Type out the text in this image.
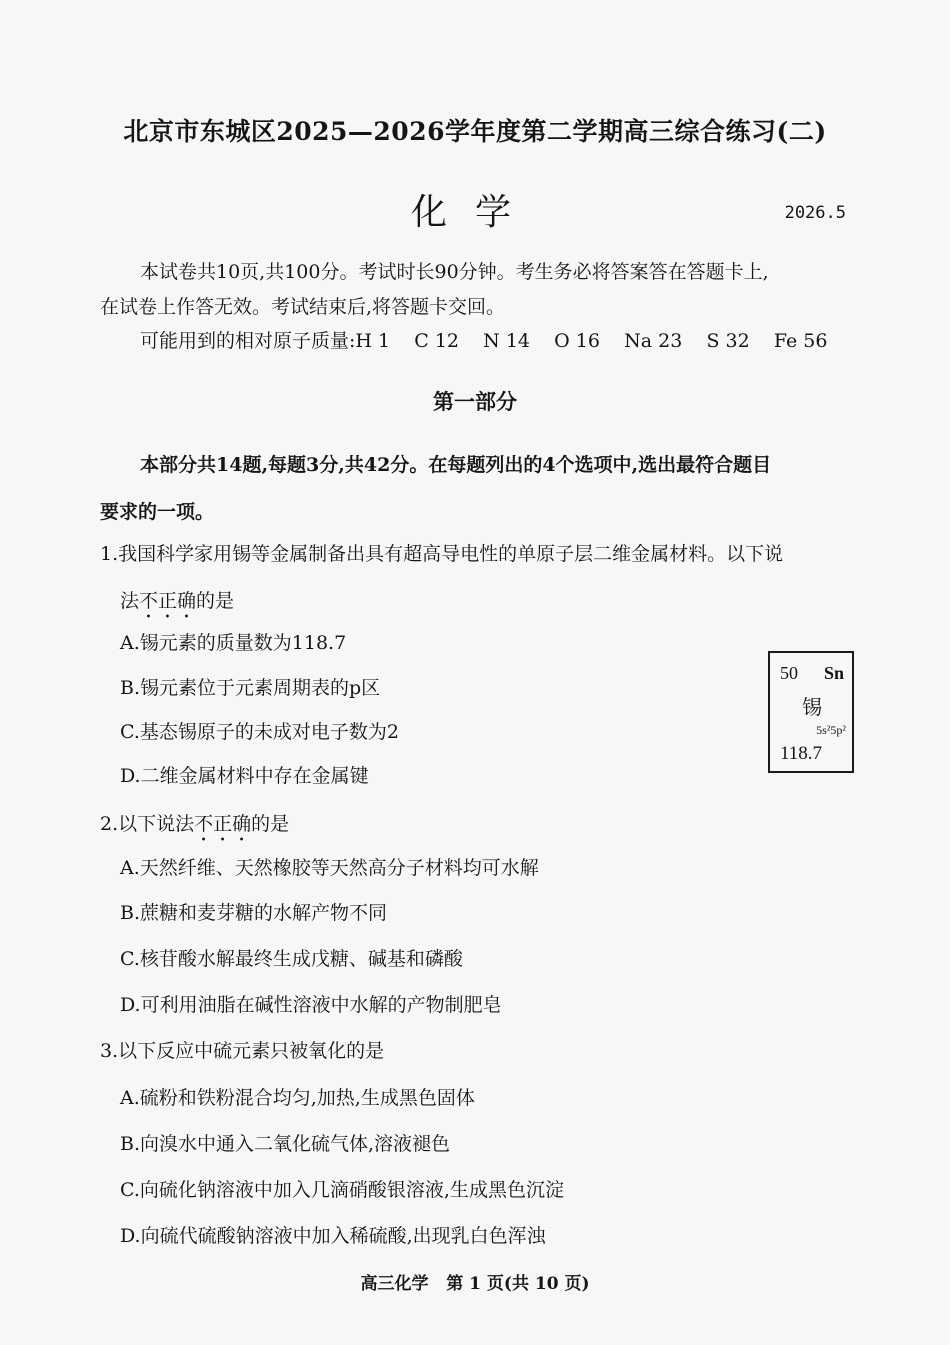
北京市东城区2025—2026学年度第二学期高三综合练习(二)
化学	2026.5
本试卷共10页,共100分。考试时长90分钟。考生务必将答案答在答题卡上,
在试卷上作答无效。考试结束后,将答题卡交回。
可能用到的相对原子质量:H 1    C 12    N 14    O 16    Na 23    S 32    Fe 56
第一部分
本部分共14题,每题3分,共42分。在每题列出的4个选项中,选出最符合题目
要求的一项。
1.我国科学家用锡等金属制备出具有超高导电性的单原子层二维金属材料。以下说
法不正确的是
A.锡元素的质量数为118.7
B.锡元素位于元素周期表的p区
C.基态锡原子的未成对电子数为2
D.二维金属材料中存在金属键
50 Sn
锡
5s²5p²
118.7
2.以下说法不正确的是
A.天然纤维、天然橡胶等天然高分子材料均可水解
B.蔗糖和麦芽糖的水解产物不同
C.核苷酸水解最终生成戊糖、碱基和磷酸
D.可利用油脂在碱性溶液中水解的产物制肥皂
3.以下反应中硫元素只被氧化的是
A.硫粉和铁粉混合均匀,加热,生成黑色固体
B.向溴水中通入二氧化硫气体,溶液褪色
C.向硫化钠溶液中加入几滴硝酸银溶液,生成黑色沉淀
D.向硫代硫酸钠溶液中加入稀硫酸,出现乳白色浑浊
高三化学   第 1 页(共 10 页)
